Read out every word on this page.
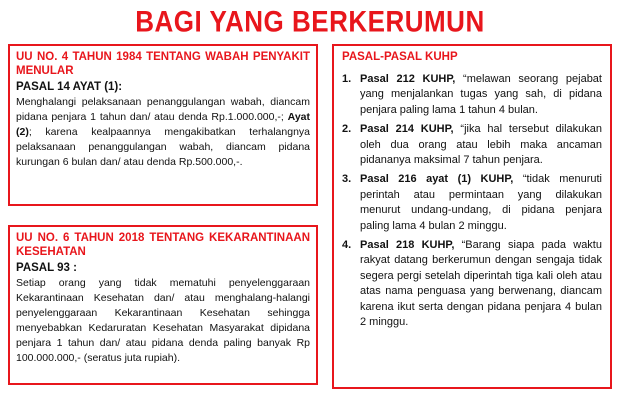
BAGI YANG BERKERUMUN

UU NO. 4 TAHUN 1984 TENTANG WABAH PENYAKIT MENULAR

PASAL 14 AYAT (1):

Menghalangi pelaksanaan penanggulangan wabah, diancam pidana penjara 1 tahun dan/ atau denda Rp.1.000.000,-; Ayat (2); karena kealpaannya mengakibatkan terhalangnya pelaksanaan penanggulangan wabah, diancam pidana kurungan 6 bulan dan/ atau denda Rp.500.000,-.

UU NO. 6 TAHUN 2018 TENTANG KEKARANTINAAN KESEHATAN

PASAL 93 :

Setiap orang yang tidak mematuhi penyelenggaraan Kekarantinaan Kesehatan dan/ atau menghalang-halangi penyelenggaraan Kekarantinaan Kesehatan sehingga menyebabkan Kedaruratan Kesehatan Masyarakat dipidana penjara 1 tahun dan/ atau pidana denda paling banyak Rp 100.000.000,- (seratus juta rupiah).

PASAL-PASAL KUHP

1. Pasal 212 KUHP, “melawan seorang pejabat yang menjalankan tugas yang sah, di pidana penjara paling lama 1 tahun 4 bulan.
2. Pasal 214 KUHP, “jika hal tersebut dilakukan oleh dua orang atau lebih maka ancaman pidananya maksimal 7 tahun penjara.
3. Pasal 216 ayat (1) KUHP, “tidak menuruti perintah atau permintaan yang dilakukan menurut undang-undang, di pidana penjara paling lama 4 bulan 2 minggu.
4. Pasal 218 KUHP, “Barang siapa pada waktu rakyat datang berkerumun dengan sengaja tidak segera pergi setelah diperintah tiga kali oleh atau atas nama penguasa yang berwenang, diancam karena ikut serta dengan pidana penjara 4 bulan 2 minggu.
